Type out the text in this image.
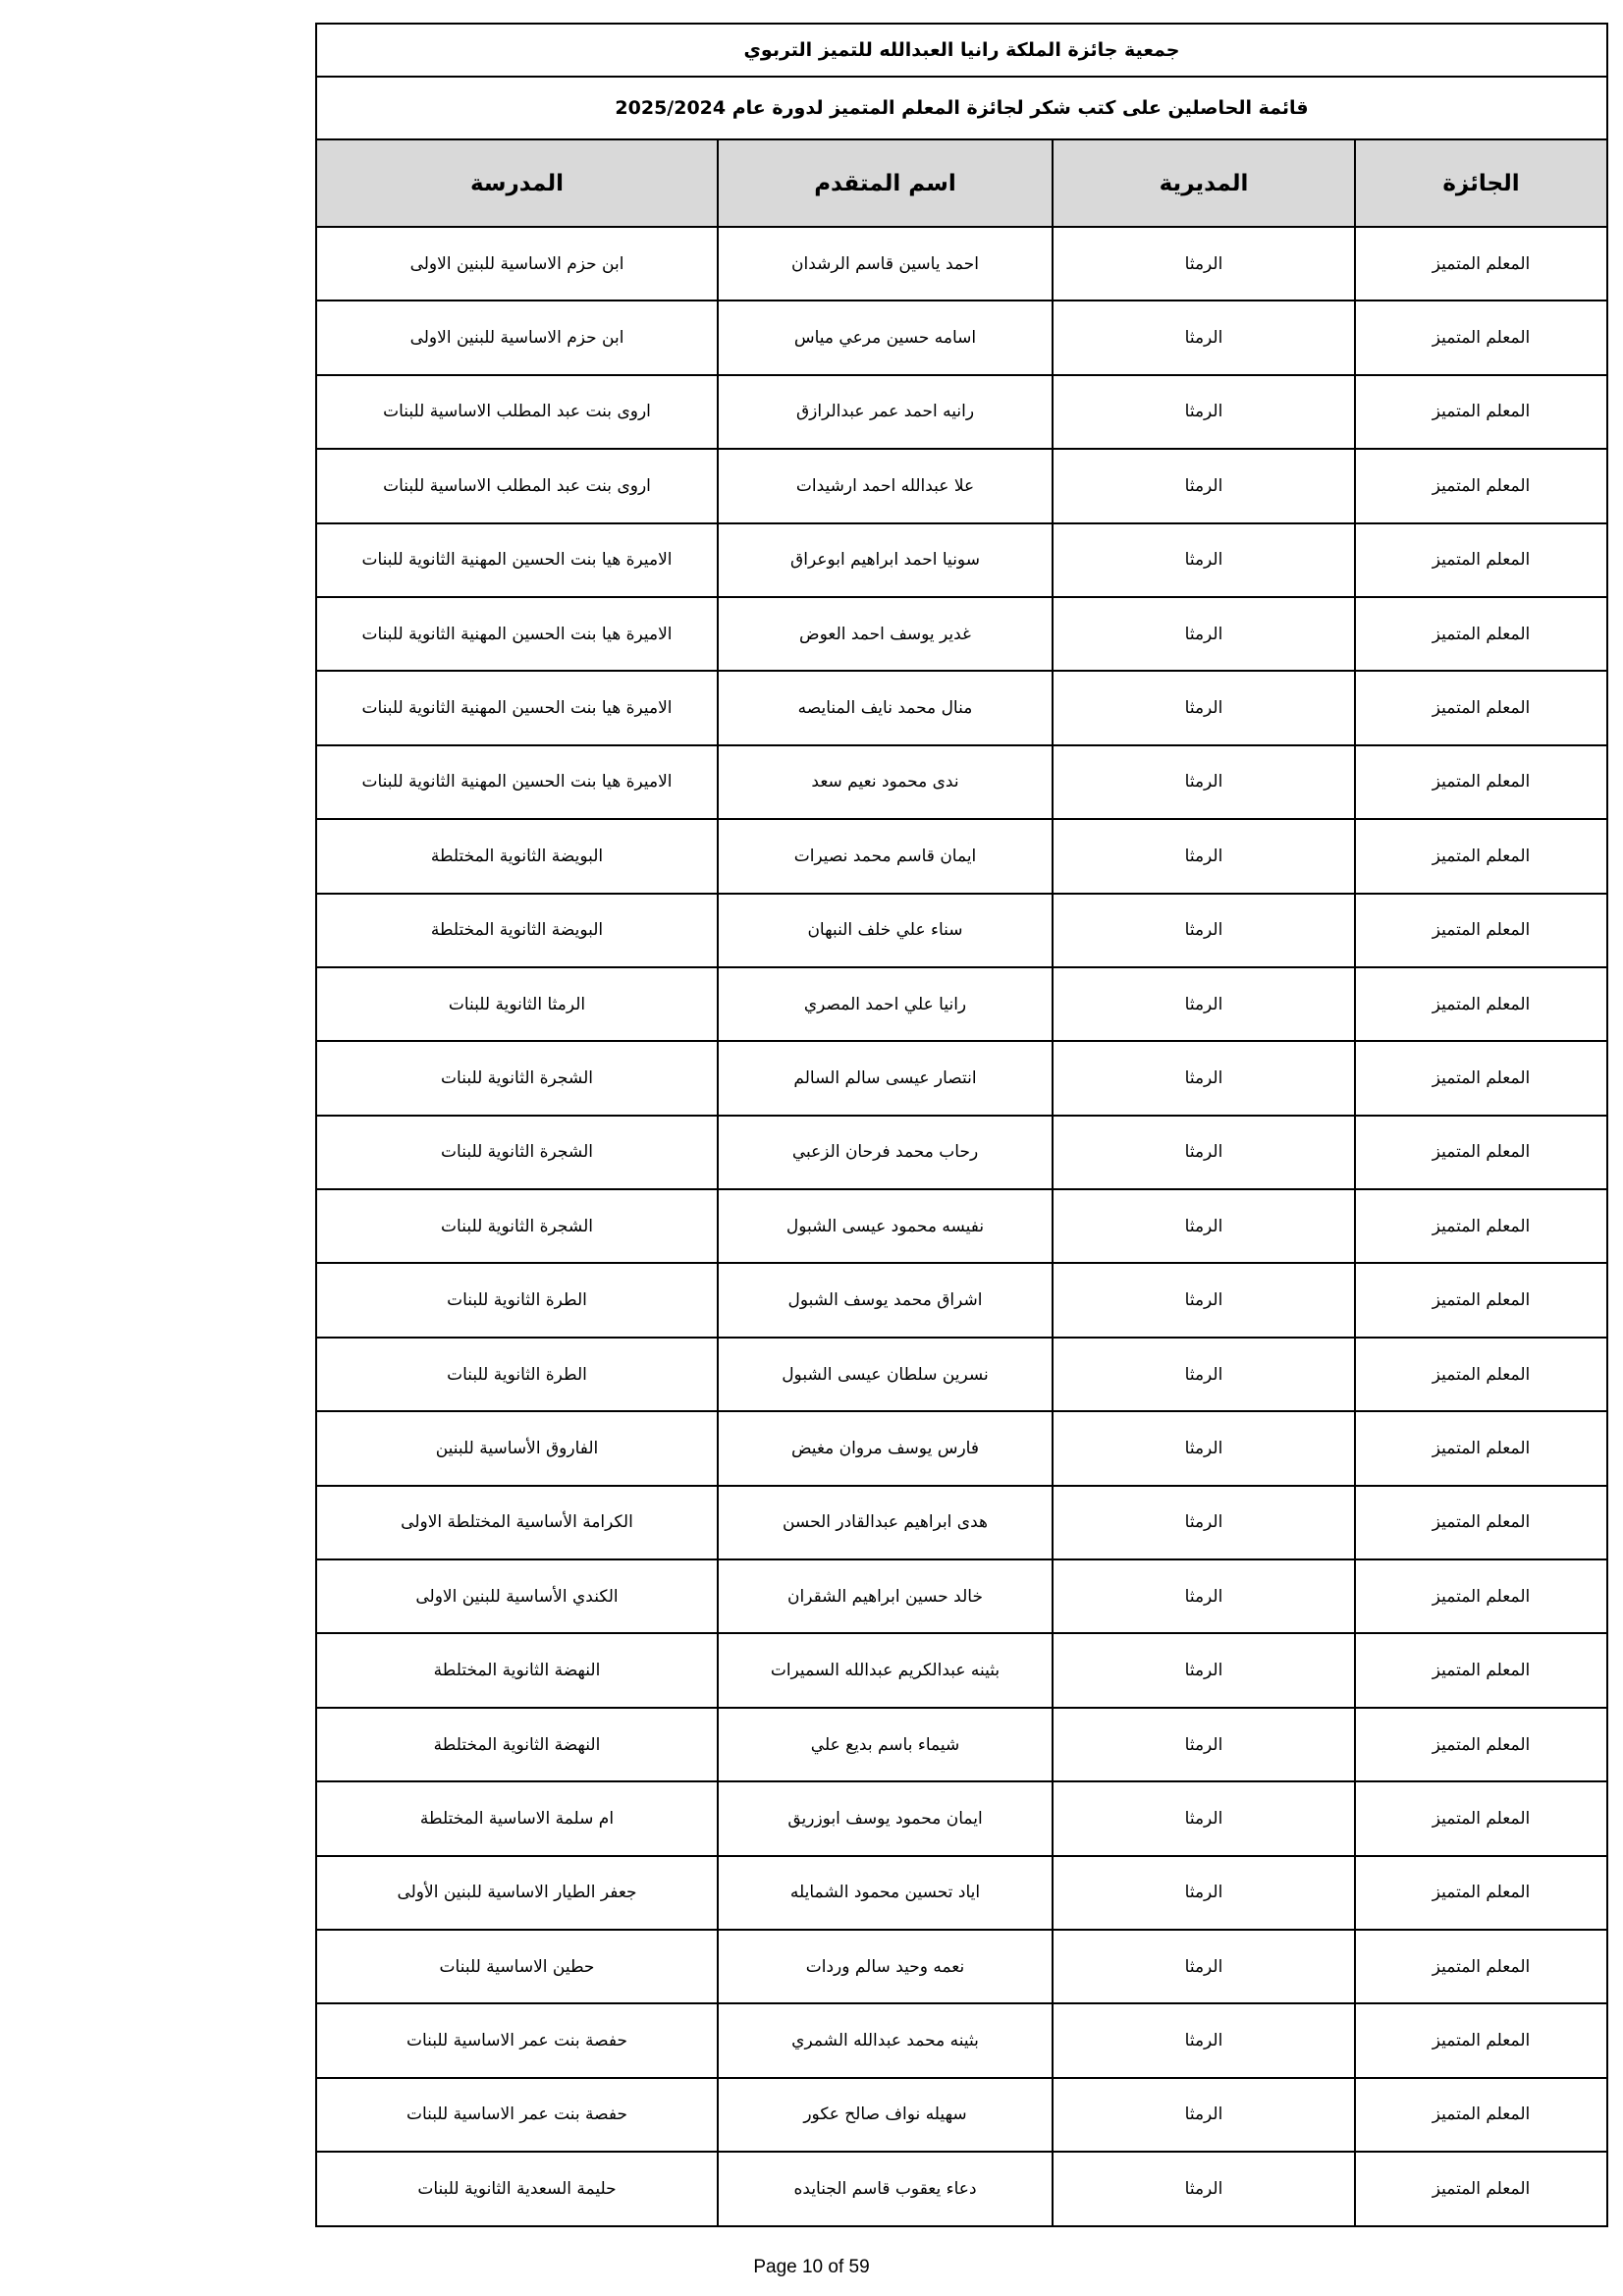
جمعية جائزة الملكة رانيا العبدالله للتميز التربوي
قائمة الحاصلين على كتب شكر لجائزة المعلم المتميز لدورة عام 2025/2024
الجائزة	المديرية	اسم المتقدم	المدرسة
المعلم المتميز	الرمثا	احمد ياسين قاسم الرشدان	ابن حزم الاساسية للبنين الاولى
المعلم المتميز	الرمثا	اسامه حسين مرعي مياس	ابن حزم الاساسية للبنين الاولى
المعلم المتميز	الرمثا	رانيه احمد عمر عبدالرازق	اروى بنت عبد المطلب الاساسية للبنات
المعلم المتميز	الرمثا	علا عبدالله احمد ارشيدات	اروى بنت عبد المطلب الاساسية للبنات
المعلم المتميز	الرمثا	سونيا احمد ابراهيم ابوعراق	الاميرة هيا بنت الحسين المهنية الثانوية للبنات
المعلم المتميز	الرمثا	غدير يوسف احمد العوض	الاميرة هيا بنت الحسين المهنية الثانوية للبنات
المعلم المتميز	الرمثا	منال محمد نايف المنايصه	الاميرة هيا بنت الحسين المهنية الثانوية للبنات
المعلم المتميز	الرمثا	ندى محمود نعيم سعد	الاميرة هيا بنت الحسين المهنية الثانوية للبنات
المعلم المتميز	الرمثا	ايمان قاسم محمد نصيرات	البويضة الثانوية المختلطة
المعلم المتميز	الرمثا	سناء علي خلف النبهان	البويضة الثانوية المختلطة
المعلم المتميز	الرمثا	رانيا علي احمد المصري	الرمثا الثانوية للبنات
المعلم المتميز	الرمثا	انتصار عيسى سالم السالم	الشجرة الثانوية للبنات
المعلم المتميز	الرمثا	رحاب محمد فرحان الزعبي	الشجرة الثانوية للبنات
المعلم المتميز	الرمثا	نفيسه محمود عيسى الشبول	الشجرة الثانوية للبنات
المعلم المتميز	الرمثا	اشراق محمد يوسف الشبول	الطرة الثانوية للبنات
المعلم المتميز	الرمثا	نسرين سلطان عيسى الشبول	الطرة الثانوية للبنات
المعلم المتميز	الرمثا	فارس يوسف مروان مغيض	الفاروق الأساسية للبنين
المعلم المتميز	الرمثا	هدى ابراهيم عبدالقادر الحسن	الكرامة الأساسية المختلطة الاولى
المعلم المتميز	الرمثا	خالد حسين ابراهيم الشقران	الكندي الأساسية للبنين الاولى
المعلم المتميز	الرمثا	بثينه عبدالكريم عبدالله السميرات	النهضة الثانوية المختلطة
المعلم المتميز	الرمثا	شيماء باسم بديع علي	النهضة الثانوية المختلطة
المعلم المتميز	الرمثا	ايمان محمود يوسف ابوزريق	ام سلمة الاساسية المختلطة
المعلم المتميز	الرمثا	اياد تحسين محمود الشمايله	جعفر الطيار الاساسية للبنين الأولى
المعلم المتميز	الرمثا	نعمه وحيد سالم وردات	حطين الاساسية للبنات
المعلم المتميز	الرمثا	بثينه محمد عبدالله الشمري	حفصة بنت عمر الاساسية للبنات
المعلم المتميز	الرمثا	سهيله نواف صالح عكور	حفصة بنت عمر الاساسية للبنات
المعلم المتميز	الرمثا	دعاء يعقوب قاسم الجنايده	حليمة السعدية الثانوية للبنات
Page 10 of 59
